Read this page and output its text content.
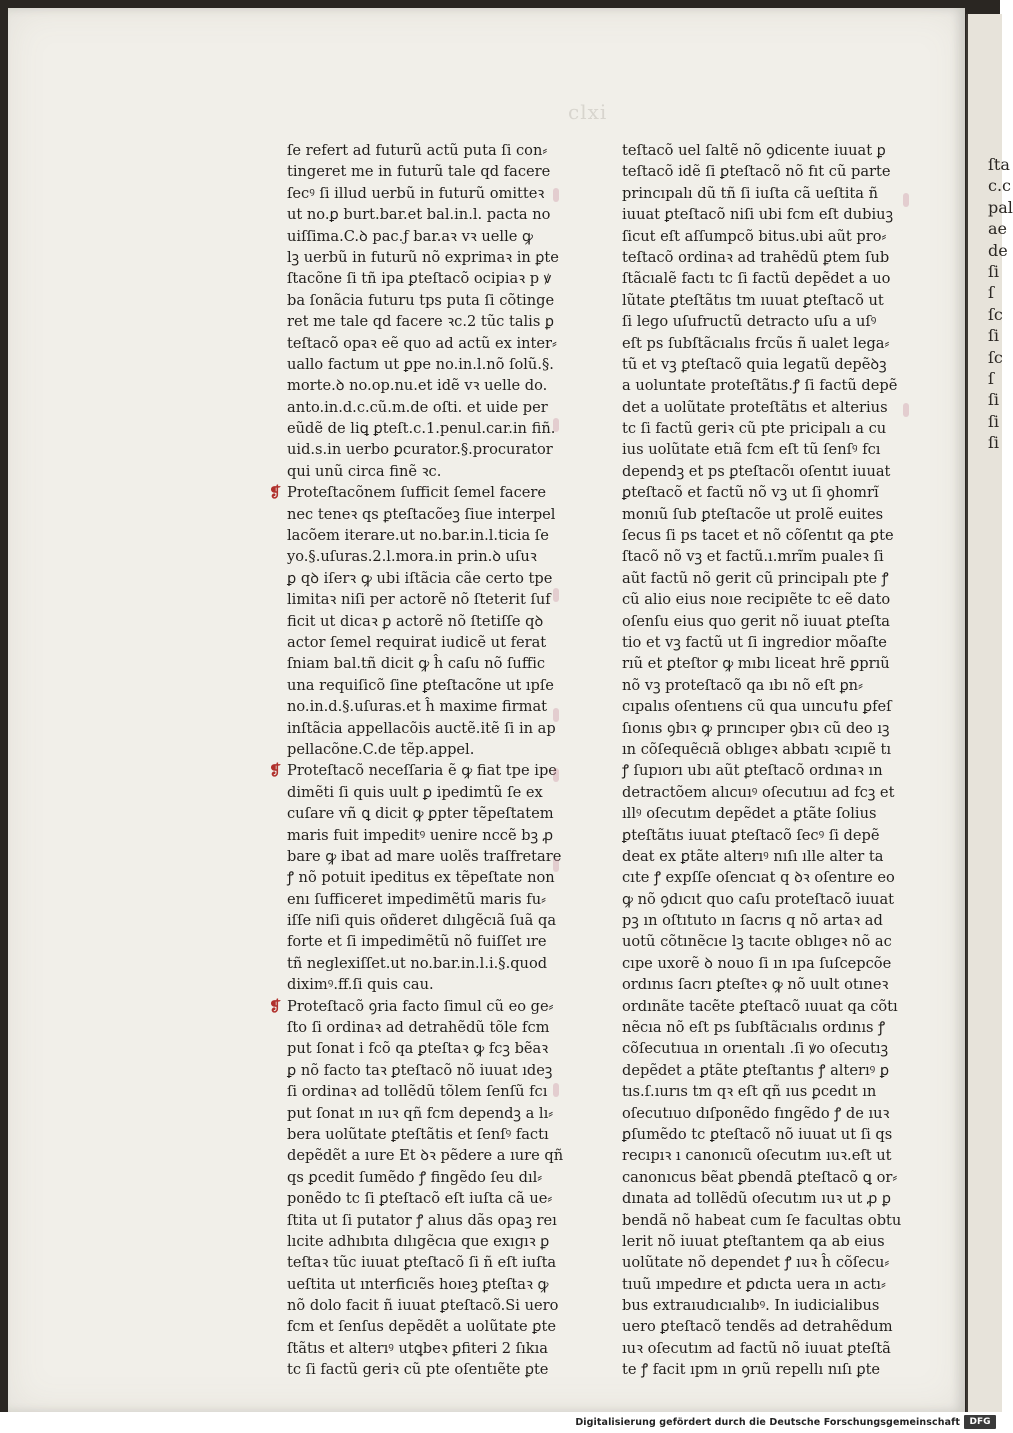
clxi
ſe refert ad futurũ actũ puta ſi con⸗
tingeret me in futurũ tale qd facere
ſecꝰ ſi illud uerbũ in futurũ omitteꝛ
ut no.ꝑ burt.bar.et bal.in.l. pacta no
uiſſima.C.ꝺ pac.ƒ bar.aꝛ vꝛ uelle ꝙ
lꝫ uerbũ in futurũ nõ exprimaꝛ in ꝑte
ſtacõne ſi tñ ipa ꝑteſtacõ ocipiaꝛ p ꝟ
ba ſonãcia futuru tps puta ſi cõtinge
ret me tale qd facere ꝛc.2 tũc talis ꝑ
teſtacõ opaꝛ eẽ quo ad actũ ex inter⸗
uallo factum ut ꝑpe no.in.l.nõ ſolũ.§.
morte.ꝺ no.op.nu.et idẽ vꝛ uelle do.
anto.in.d.c.cũ.m.de oſti. et uide per
eũdẽ de liꝗ ꝑteſt.c.1.penul.car.in fiñ.
uid.s.in uerbo ꝑcurator.§.procurator
qui unũ circa finẽ ꝛc.
❡ Proteſtacõnem ſufficit ſemel facere
nec teneꝛ qs ꝑteſtacõeꝫ ſiue interpel
lacõem iterare.ut no.bar.in.l.ticia ſe
yo.§.uſuras.2.l.mora.in prin.ꝺ uſuꝛ
ꝑ qꝺ iſerꝛ ꝙ ubi iſtãcia cãe certo tpe
limitaꝛ niſi per actorẽ nõ ſteterit ſuf
ficit ut dicaꝛ ꝑ actorẽ nõ ſtetiſſe qꝺ
actor ſemel requirat iudicẽ ut ferat
ſniam bal.tñ dicit ꝙ ĥ caſu nõ ſuffic
una requiſicõ ſine ꝑteſtacõne ut ıpſe
no.in.d.§.uſuras.et ĥ maxime firmat
inſtãcia appellacõis auctẽ.itẽ ſi in ap
pellacõne.C.de tẽp.appel.
❡ Proteſtacõ neceſſaria ẽ ꝙ fiat tpe ipe
dimẽti ſi quis uult ꝑ ipedimtũ ſe ex
cuſare vñ ꝗ dicit ꝙ ꝑpter tẽpeſtatem
maris fuit impeditꝰ uenire nccẽ bꝫ ꝓ
bare ꝙ ibat ad mare uolẽs traſfretare
ꝭ nõ potuit ipeditus ex tẽpeſtate non
enı ſufficeret impedimẽtũ maris fu⸗
iſſe niſi quis oñderet dılıgẽcıã ſuã qa
forte et ſi impedimẽtũ nõ fuiſſet ıre
tñ neglexiſſet.ut no.bar.in.l.i.§.quod
diximꝰ.ff.ſi quis cau.
❡ Proteſtacõ ꝯria facto ſimul cũ eo ge⸗
ſto ſi ordinaꝛ ad detrahẽdũ tõle fcm
put ſonat i fcõ qa ꝑteſtaꝛ ꝙ fcꝫ bẽaꝛ
ꝑ nõ facto taꝛ ꝑteſtacõ nõ iuuat ıdeꝫ
ſi ordinaꝛ ad tollẽdũ tõlem ſenſũ fcı
put ſonat ın ıuꝛ qñ fcm dependꝫ a lı⸗
bera uolũtate ꝑteſtãtis et ſenſꝰ factı
depẽdẽt a ıure Et ꝺꝛ pẽdere a ıure qñ
qs ꝑcedit ſumẽdo ꝭ fingẽdo ſeu dıl⸗
ponẽdo tc ſi ꝑteſtacõ eſt iuſta cã ue⸗
ſtita ut ſi putator ꝭ alıus dãs opaꝫ reı
lıcite adhıbıta dılıgẽcıa que exıgıꝛ ꝑ
teſtaꝛ tũc iuuat ꝑteſtacõ ſi ñ eſt iuſta
ueſtita ut ınterficıẽs hoıeꝫ ꝑteſtaꝛ ꝙ
nõ dolo facit ñ iuuat ꝑteſtacõ.Si uero
fcm et ſenſus depẽdẽt a uolũtate ꝑte
ſtãtıs et alterıꝰ utꝗbeꝛ ꝑfiteri 2 ſıkıa
tc ſi factũ geriꝛ cũ pte oſentıẽte ꝑte
teſtacõ uel ſaltẽ nõ ꝯdicente iuuat ꝑ
teſtacõ idẽ ſi ꝑteſtacõ nõ fıt cũ parte
princıpalı dũ tñ ſi iuſta cã ueſtita ñ
iuuat ꝑteſtacõ niſi ubi fcm eſt dubiuꝫ
ſicut eſt aſſumpcõ bitus.ubi aũt pro⸗
teſtacõ ordinaꝛ ad trahẽdũ ꝑtem ſub
ſtãcıalẽ factı tc ſi factũ depẽdet a uo
lũtate ꝑteſtãtıs tm ıuuat ꝑteſtacõ ut
ſi lego uſufructũ detracto uſu a uſꝰ
eſt ps ſubſtãcıalıs frcũs ñ ualet lega⸗
tũ et vꝫ ꝑteſtacõ quia legatũ depẽꝺꝫ
a uoluntate proteſtãtıs.ꝭ ſi factũ depẽ
det a uolũtate proteſtãtıs et alterius
tc ſi factũ geriꝛ cũ pte pricipalı a cu
ius uolũtate etıã fcm eſt tũ ſenſꝰ fcı
dependꝫ et ps ꝑteſtacõı oſentıt iuuat
ꝑteſtacõ et factũ nõ vꝫ ut ſi ꝯhomrĩ
monıũ ſub ꝑteſtacõe ut prolẽ euites
ſecus ſi ps tacet et nõ cõſentıt qa ꝑte
ſtacõ nõ vꝫ et factũ.ı.mrĩm pualeꝛ ſi
aũt factũ nõ gerit cũ principalı pte ꝭ
cũ alio eius noıe recipıẽte tc eẽ dato
oſenſu eius quo gerit nõ iuuat ꝑteſta
tio et vꝫ factũ ut ſi ingredior mõaſte
rıũ et ꝑteſtor ꝙ mıbı liceat hrẽ ꝑprıũ
nõ vꝫ proteſtacõ qa ıbı nõ eſt ꝑn⸗
cıpalıs oſentıens cũ qua uıncuꝉu ꝑfeſ
ſıonıs ꝯbıꝛ ꝙ prıncıper ꝯbıꝛ cũ deo ıꝫ
ın cõſequẽcıã oblıgeꝛ abbatı ꝛcıpıẽ tı
ꝭ ſupıorı ubı aũt ꝑteſtacõ ordınaꝛ ın
detractõem alıcuıꝰ oſecutıuı ad fcꝫ et
ıllꝰ oſecutım depẽdet a ꝑtãte ſolius
ꝑteſtãtıs iuuat ꝑteſtacõ ſecꝰ ſi depẽ
deat ex ꝑtãte alterıꝰ nıſı ılle alter ta
cıte ꝭ expſſe oſencıat q ꝺꝛ oſentıre eo
ꝙ nõ ꝯdıcıt quo caſu proteſtacõ iuuat
pꝫ ın oſtıtuto ın ſacrıs q nõ artaꝛ ad
uotũ cõtınẽcıe lꝫ tacıte oblıgeꝛ nõ ac
cıpe uxorẽ ꝺ nouo ſi ın ıpa ſuſcepcõe
ordınıs ſacrı ꝑteſteꝛ ꝙ nõ uult otıneꝛ
ordınãte tacẽte ꝑteſtacõ ıuuat qa cõtı
nẽcıa nõ eſt ps ſubſtãcıalıs ordınıs ꝭ
cõſecutıua ın orıentalı .ſi ꝟo oſecutıꝫ
depẽdet a ꝑtãte ꝑteſtantıs ꝭ alterıꝰ ꝑ
tıs.ſ.ıurıs tm qꝛ eſt qñ ıus ꝑcedıt ın
oſecutıuo dıſponẽdo fıngẽdo ꝭ de ıuꝛ
ꝑſumẽdo tc ꝑteſtacõ nõ iuuat ut ſi qs
recıpıꝛ ı canonıcũ oſecutım ıuꝛ.eſt ut
canonıcus bẽat ꝑbendã ꝑteſtacõ ꝗ or⸗
dınata ad tollẽdũ oſecutım ıuꝛ ut ꝓ ꝑ
bendã nõ habeat cum ſe facultas obtu
lerit nõ iuuat ꝑteſtantem qa ab eius
uolũtate nõ dependet ꝭ ıuꝛ ĥ cõſecu⸗
tıuũ ımpedıre et ꝑdıcta uera ın actı⸗
bus extraıudıcıalıbꝰ. In iudicialibus
uero ꝑteſtacõ tendẽs ad detrahẽdum
ıuꝛ oſecutım ad factũ nõ iuuat ꝑteſtã
te ꝭ facit ıpm ın ꝯrıũ repellı nıſı ꝑte
ſta
c.c
pal
ae
de
ſi
ſ
ſc
ſi
ſc
ſ
ſi
ſi
ſi
Digitalisierung gefördert durch die Deutsche Forschungsgemeinschaft	DFG
